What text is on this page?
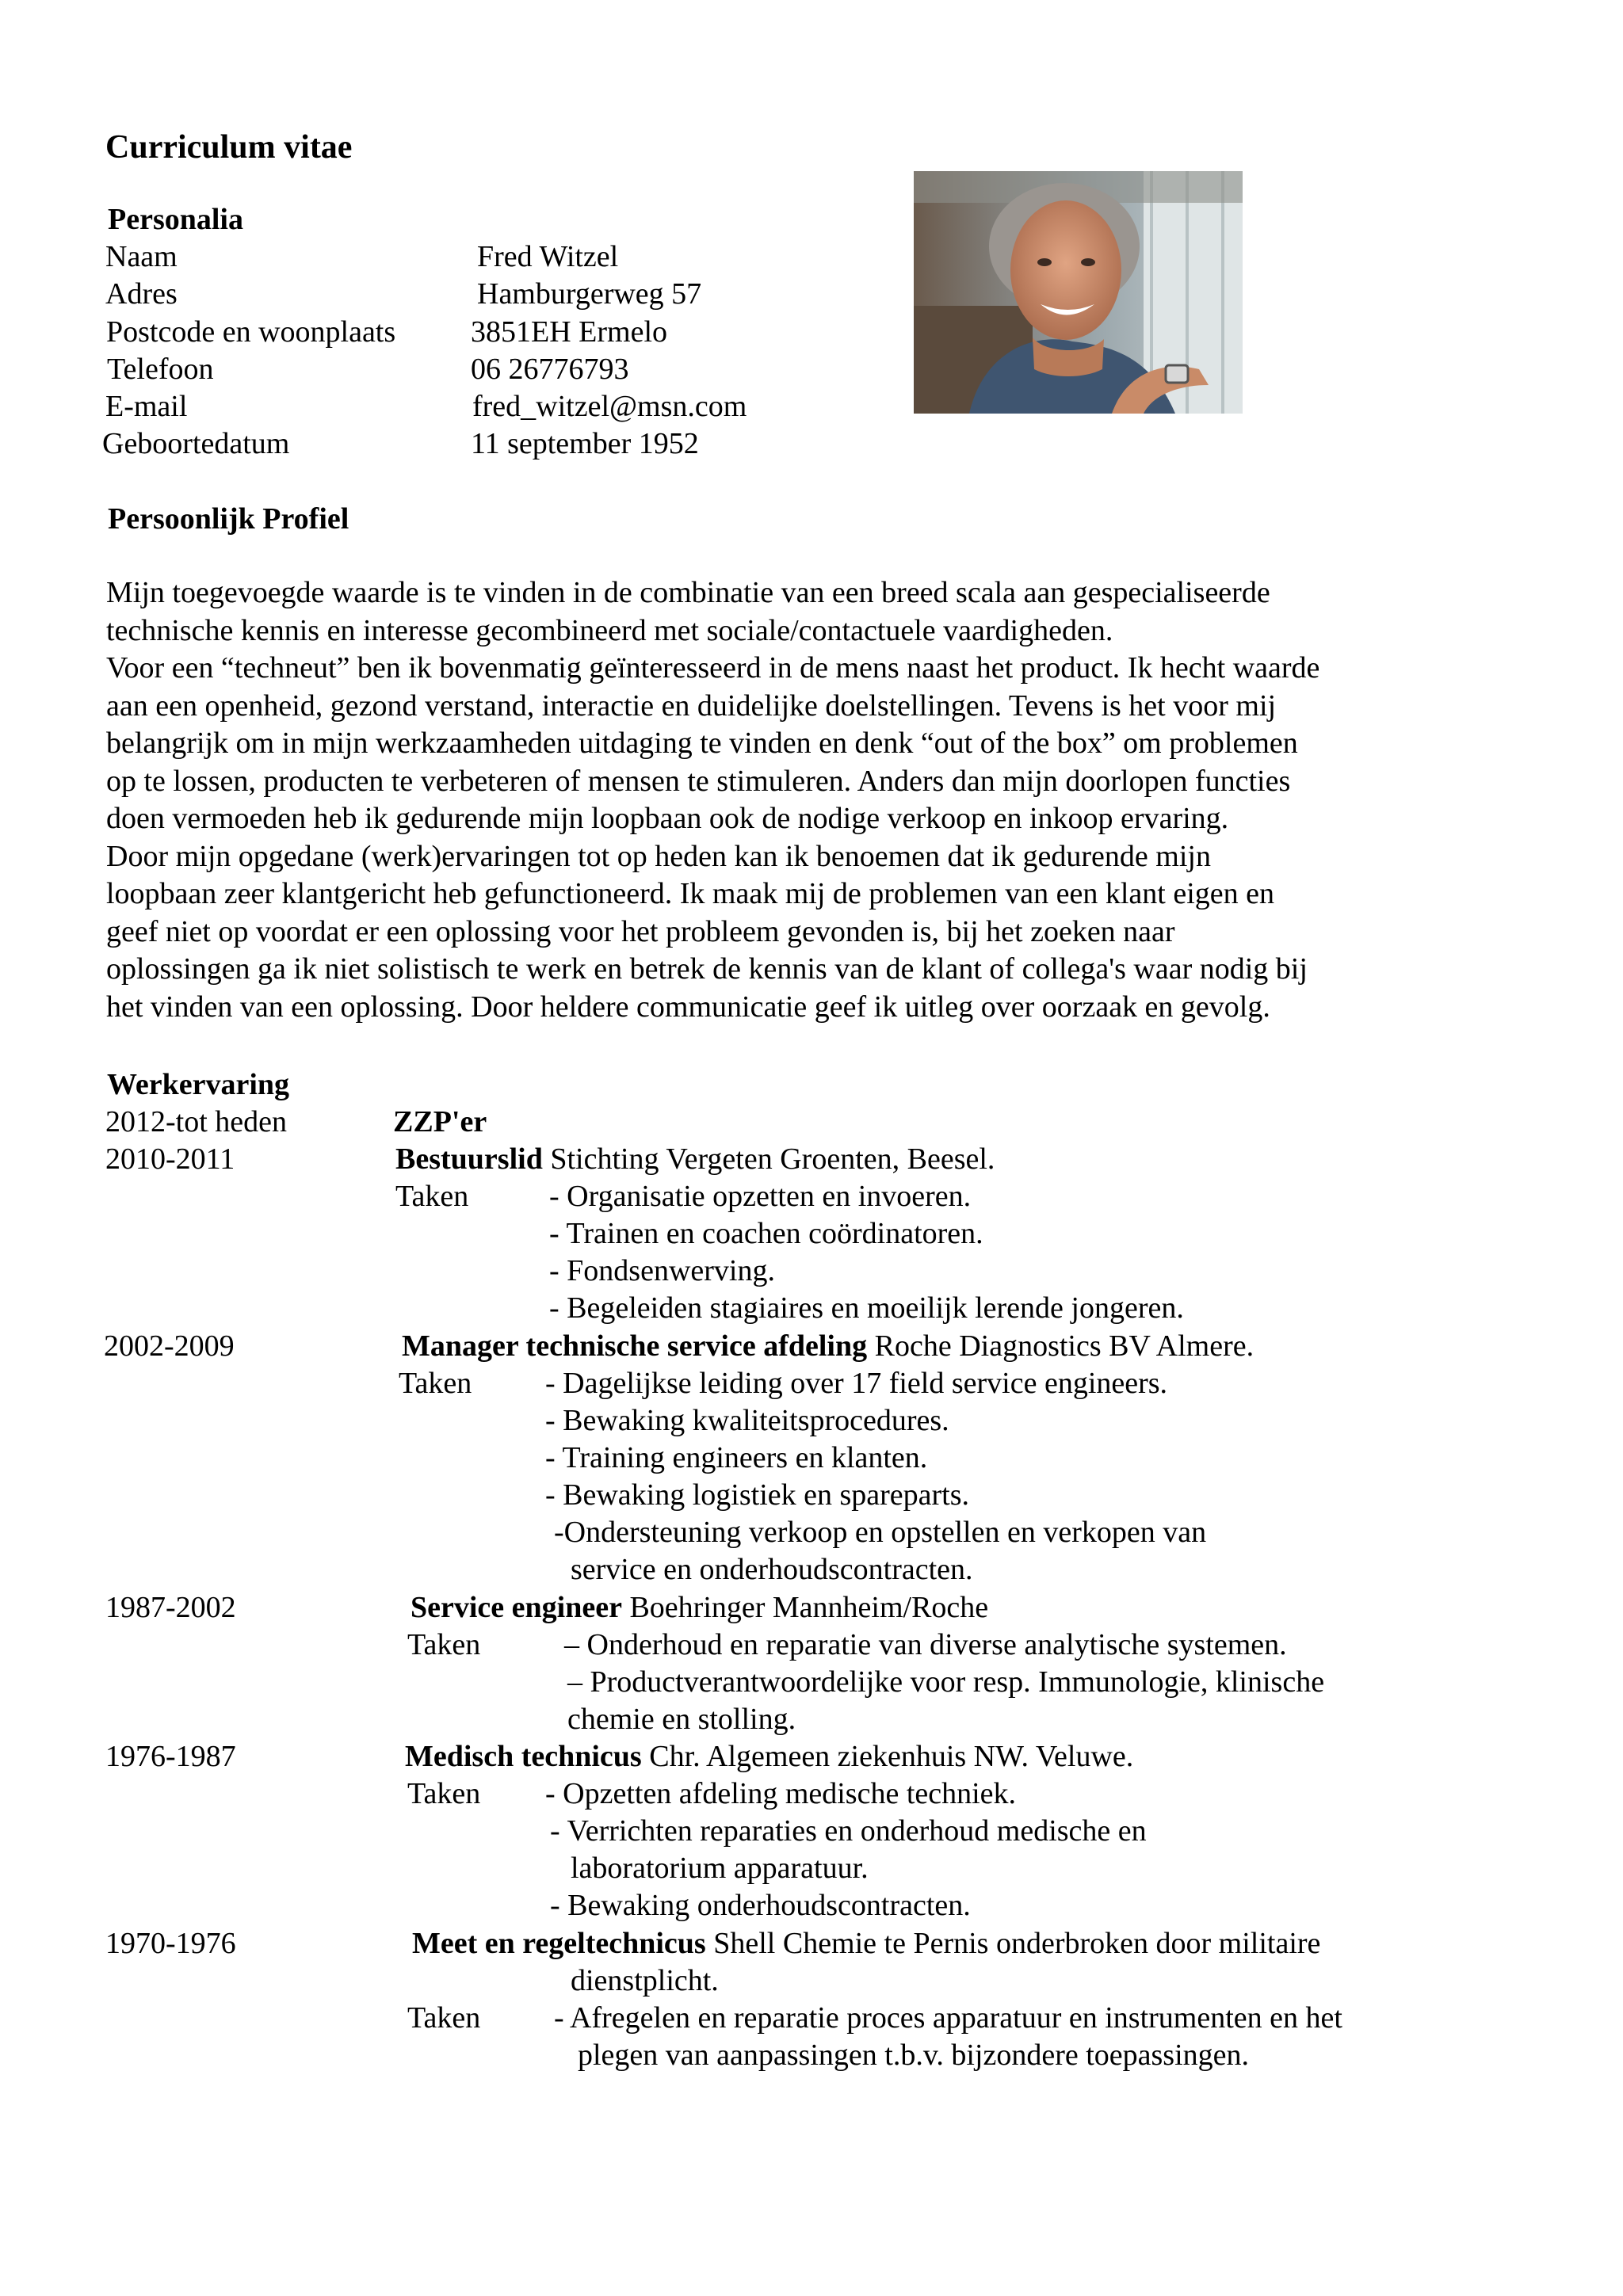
Curriculum vitae
Personalia
Naam	Fred Witzel
Adres	Hamburgerweg 57
Postcode en woonplaats 3851EH Ermelo
Telefoon	06 26776793
E-mail	fred_witzel@msn.com
Geboortedatum	11 september 1952
Persoonlijk Profiel
Mijn toegevoegde waarde is te vinden in de combinatie van een breed scala aan gespecialiseerde
technische kennis en interesse gecombineerd met sociale/contactuele vaardigheden.
Voor een “techneut” ben ik bovenmatig geïnteresseerd in de mens naast het product. Ik hecht waarde
aan een openheid, gezond verstand, interactie en duidelijke doelstellingen. Tevens is het voor mij
belangrijk om in mijn werkzaamheden uitdaging te vinden en denk “out of the box” om problemen
op te lossen, producten te verbeteren of mensen te stimuleren. Anders dan mijn doorlopen functies
doen vermoeden heb ik gedurende mijn loopbaan ook de nodige verkoop en inkoop ervaring.
Door mijn opgedane (werk)ervaringen tot op heden kan ik benoemen dat ik gedurende mijn
loopbaan zeer klantgericht heb gefunctioneerd. Ik maak mij de problemen van een klant eigen en
geef niet op voordat er een oplossing voor het probleem gevonden is, bij het zoeken naar
oplossingen ga ik niet solistisch te werk en betrek de kennis van de klant of collega's waar nodig bij
het vinden van een oplossing. Door heldere communicatie geef ik uitleg over oorzaak en gevolg.
Werkervaring
2012-tot heden	ZZP'er
2010-2011	Bestuurslid Stichting Vergeten Groenten, Beesel.
Taken	- Organisatie opzetten en invoeren.
- Trainen en coachen coördinatoren.
- Fondsenwerving.
- Begeleiden stagiaires en moeilijk lerende jongeren.
2002-2009	Manager technische service afdeling Roche Diagnostics BV Almere.
Taken - Dagelijkse leiding over 17 field service engineers.
- Bewaking kwaliteitsprocedures.
- Training engineers en klanten.
- Bewaking logistiek en spareparts.
-Ondersteuning verkoop en opstellen en verkopen van
service en onderhoudscontracten.
1987-2002	Service engineer Boehringer Mannheim/Roche
Taken	– Onderhoud en reparatie van diverse analytische systemen.
– Productverantwoordelijke voor resp. Immunologie, klinische
chemie en stolling.
1976-1987	Medisch technicus Chr. Algemeen ziekenhuis NW. Veluwe.
Taken - Opzetten afdeling medische techniek.
- Verrichten reparaties en onderhoud medische en
laboratorium apparatuur.
- Bewaking onderhoudscontracten.
1970-1976	Meet en regeltechnicus Shell Chemie te Pernis onderbroken door militaire
dienstplicht.
Taken - Afregelen en reparatie proces apparatuur en instrumenten en het
plegen van aanpassingen t.b.v. bijzondere toepassingen.
